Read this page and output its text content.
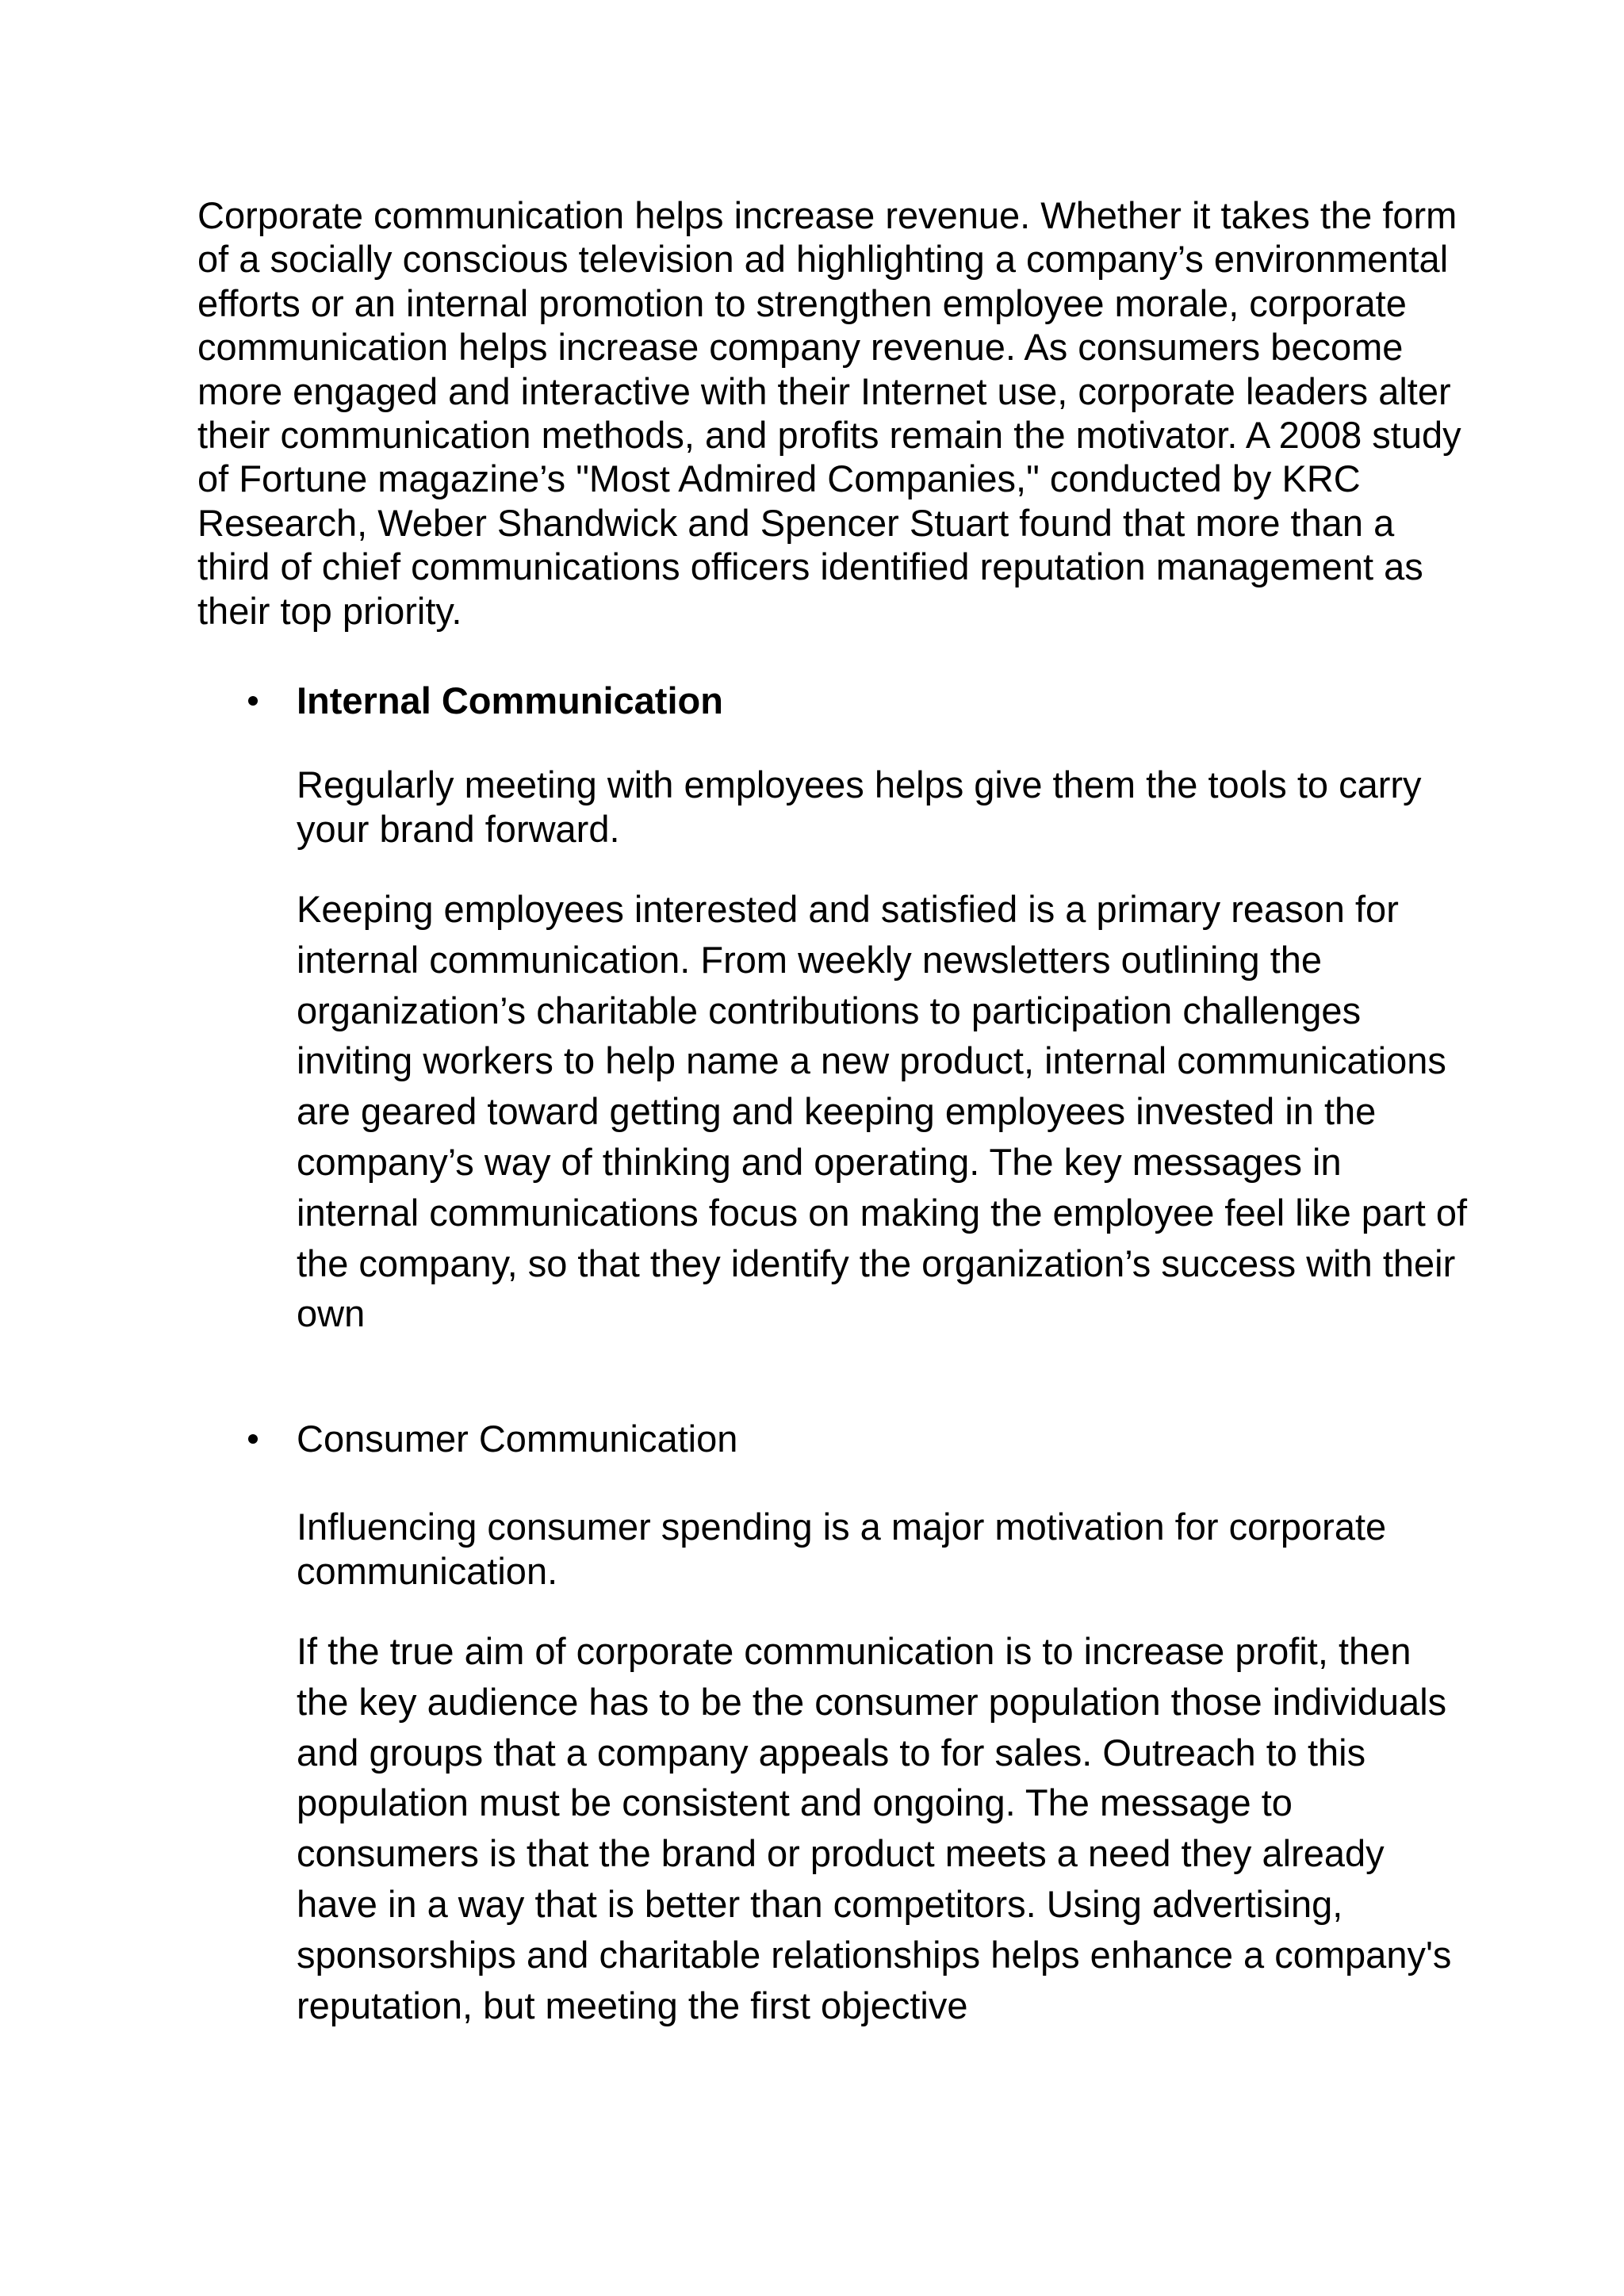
Corporate communication helps increase revenue. Whether it takes the form of a socially conscious television ad highlighting a company’s environmental efforts or an internal promotion to strengthen employee morale, corporate communication helps increase company revenue. As consumers become more engaged and interactive with their Internet use, corporate leaders alter their communication methods, and profits remain the motivator. A 2008 study of Fortune magazine’s "Most Admired Companies," conducted by KRC Research, Weber Shandwick and Spencer Stuart found that more than a third of chief communications officers identified reputation management as their top priority.

Internal Communication

Regularly meeting with employees helps give them the tools to carry your brand forward.

Keeping employees interested and satisfied is a primary reason for internal communication. From weekly newsletters outlining the organization’s charitable contributions to participation challenges inviting workers to help name a new product, internal communications are geared toward getting and keeping employees invested in the company’s way of thinking and operating. The key messages in internal communications focus on making the employee feel like part of the company, so that they identify the organization’s success with their own

Consumer Communication

Influencing consumer spending is a major motivation for corporate communication.

If the true aim of corporate communication is to increase profit, then the key audience has to be the consumer population those individuals and groups that a company appeals to for sales. Outreach to this population must be consistent and ongoing. The message to consumers is that the brand or product meets a need they already have in a way that is better than competitors. Using advertising, sponsorships and charitable relationships helps enhance a company's reputation, but meeting the first objective
